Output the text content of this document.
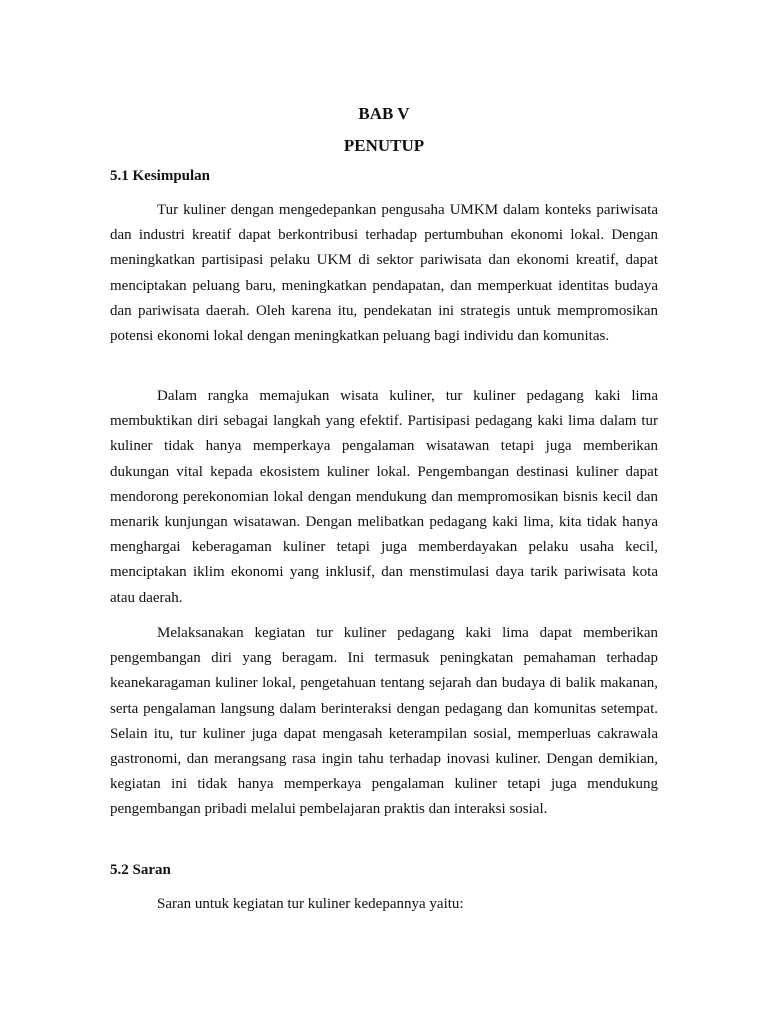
BAB V
PENUTUP
5.1 Kesimpulan

Tur kuliner dengan mengedepankan pengusaha UMKM dalam konteks pariwisata dan industri kreatif dapat berkontribusi terhadap pertumbuhan ekonomi lokal. Dengan meningkatkan partisipasi pelaku UKM di sektor pariwisata dan ekonomi kreatif, dapat menciptakan peluang baru, meningkatkan pendapatan, dan memperkuat identitas budaya dan pariwisata daerah. Oleh karena itu, pendekatan ini strategis untuk mempromosikan potensi ekonomi lokal dengan meningkatkan peluang bagi individu dan komunitas.

Dalam rangka memajukan wisata kuliner, tur kuliner pedagang kaki lima membuktikan diri sebagai langkah yang efektif. Partisipasi pedagang kaki lima dalam tur kuliner tidak hanya memperkaya pengalaman wisatawan tetapi juga memberikan dukungan vital kepada ekosistem kuliner lokal. Pengembangan destinasi kuliner dapat mendorong perekonomian lokal dengan mendukung dan mempromosikan bisnis kecil dan menarik kunjungan wisatawan. Dengan melibatkan pedagang kaki lima, kita tidak hanya menghargai keberagaman kuliner tetapi juga memberdayakan pelaku usaha kecil, menciptakan iklim ekonomi yang inklusif, dan menstimulasi daya tarik pariwisata kota atau daerah.

Melaksanakan kegiatan tur kuliner pedagang kaki lima dapat memberikan pengembangan diri yang beragam. Ini termasuk peningkatan pemahaman terhadap keanekaragaman kuliner lokal, pengetahuan tentang sejarah dan budaya di balik makanan, serta pengalaman langsung dalam berinteraksi dengan pedagang dan komunitas setempat. Selain itu, tur kuliner juga dapat mengasah keterampilan sosial, memperluas cakrawala gastronomi, dan merangsang rasa ingin tahu terhadap inovasi kuliner. Dengan demikian, kegiatan ini tidak hanya memperkaya pengalaman kuliner tetapi juga mendukung pengembangan pribadi melalui pembelajaran praktis dan interaksi sosial.

5.2 Saran

Saran untuk kegiatan tur kuliner kedepannya yaitu:
